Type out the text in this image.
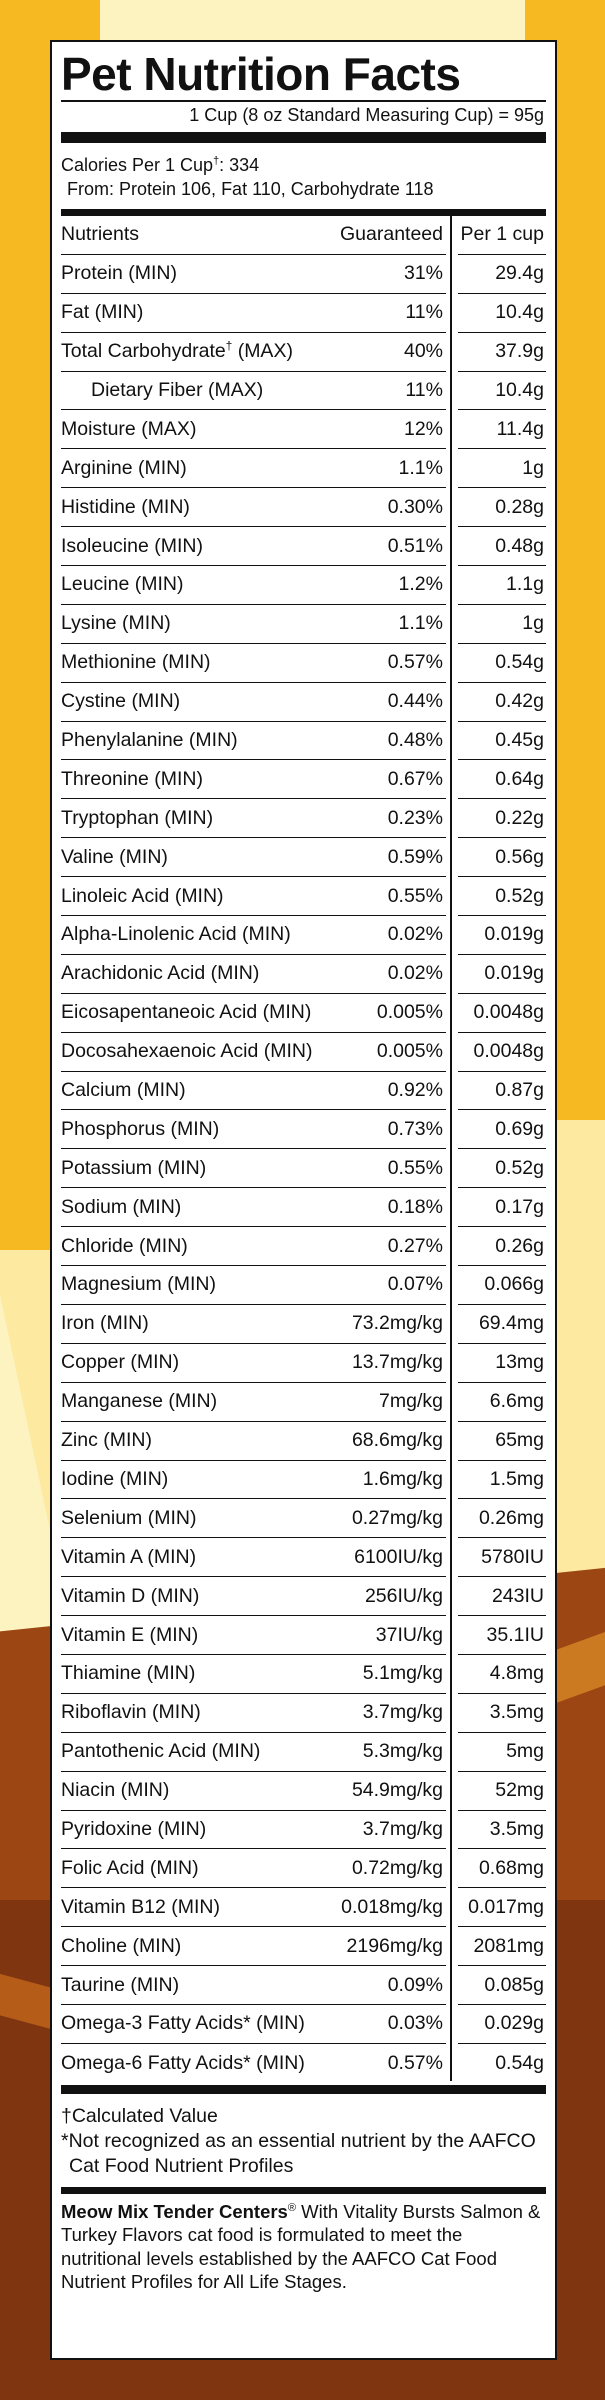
Pet Nutrition Facts
1 Cup (8 oz Standard Measuring Cup) = 95g
Calories Per 1 Cup†: 334
From: Protein 106, Fat 110, Carbohydrate 118
Nutrients	Guaranteed Per 1 cup
Protein (MIN)	31%	29.4g
Fat (MIN)	11%	10.4g
Total Carbohydrate† (MAX)	40%	37.9g
Dietary Fiber (MAX)	11%	10.4g
Moisture (MAX)	12%	11.4g
Arginine (MIN)	1.1%	1g
Histidine (MIN)	0.30%	0.28g
Isoleucine (MIN)	0.51%	0.48g
Leucine (MIN)	1.2%	1.1g
Lysine (MIN)	1.1%	1g
Methionine (MIN)	0.57%	0.54g
Cystine (MIN)	0.44%	0.42g
Phenylalanine (MIN)	0.48%	0.45g
Threonine (MIN)	0.67%	0.64g
Tryptophan (MIN)	0.23%	0.22g
Valine (MIN)	0.59%	0.56g
Linoleic Acid (MIN)	0.55%	0.52g
Alpha-Linolenic Acid (MIN)	0.02% 0.019g
Arachidonic Acid (MIN)	0.02% 0.019g
Eicosapentaneoic Acid (MIN)	0.005% 0.0048g
Docosahexaenoic Acid (MIN)	0.005% 0.0048g
Calcium (MIN)	0.92%	0.87g
Phosphorus (MIN)	0.73%	0.69g
Potassium (MIN)	0.55%	0.52g
Sodium (MIN)	0.18%	0.17g
Chloride (MIN)	0.27%	0.26g
Magnesium (MIN)	0.07% 0.066g
Iron (MIN)	73.2mg/kg 69.4mg
Copper (MIN)	13.7mg/kg	13mg
Manganese (MIN)	7mg/kg 6.6mg
Zinc (MIN)	68.6mg/kg	65mg
Iodine (MIN)	1.6mg/kg 1.5mg
Selenium (MIN)	0.27mg/kg 0.26mg
Vitamin A (MIN)	6100IU/kg 5780IU
Vitamin D (MIN)	256IU/kg	243IU
Vitamin E (MIN)	37IU/kg 35.1IU
Thiamine (MIN)	5.1mg/kg 4.8mg
Riboflavin (MIN)	3.7mg/kg 3.5mg
Pantothenic Acid (MIN)	5.3mg/kg	5mg
Niacin (MIN)	54.9mg/kg	52mg
Pyridoxine (MIN)	3.7mg/kg 3.5mg
Folic Acid (MIN)	0.72mg/kg 0.68mg
Vitamin B12 (MIN)	0.018mg/kg 0.017mg
Choline (MIN)	2196mg/kg 2081mg
Taurine (MIN)	0.09% 0.085g
Omega-3 Fatty Acids* (MIN)	0.03% 0.029g
Omega-6 Fatty Acids* (MIN)	0.57%	0.54g
†Calculated Value
*Not recognized as an essential nutrient by the AAFCO
Cat Food Nutrient Profiles
Meow Mix Tender Centers® With Vitality Bursts Salmon & Turkey Flavors cat food is formulated to meet the nutritional levels established by the AAFCO Cat Food Nutrient Profiles for All Life Stages.
